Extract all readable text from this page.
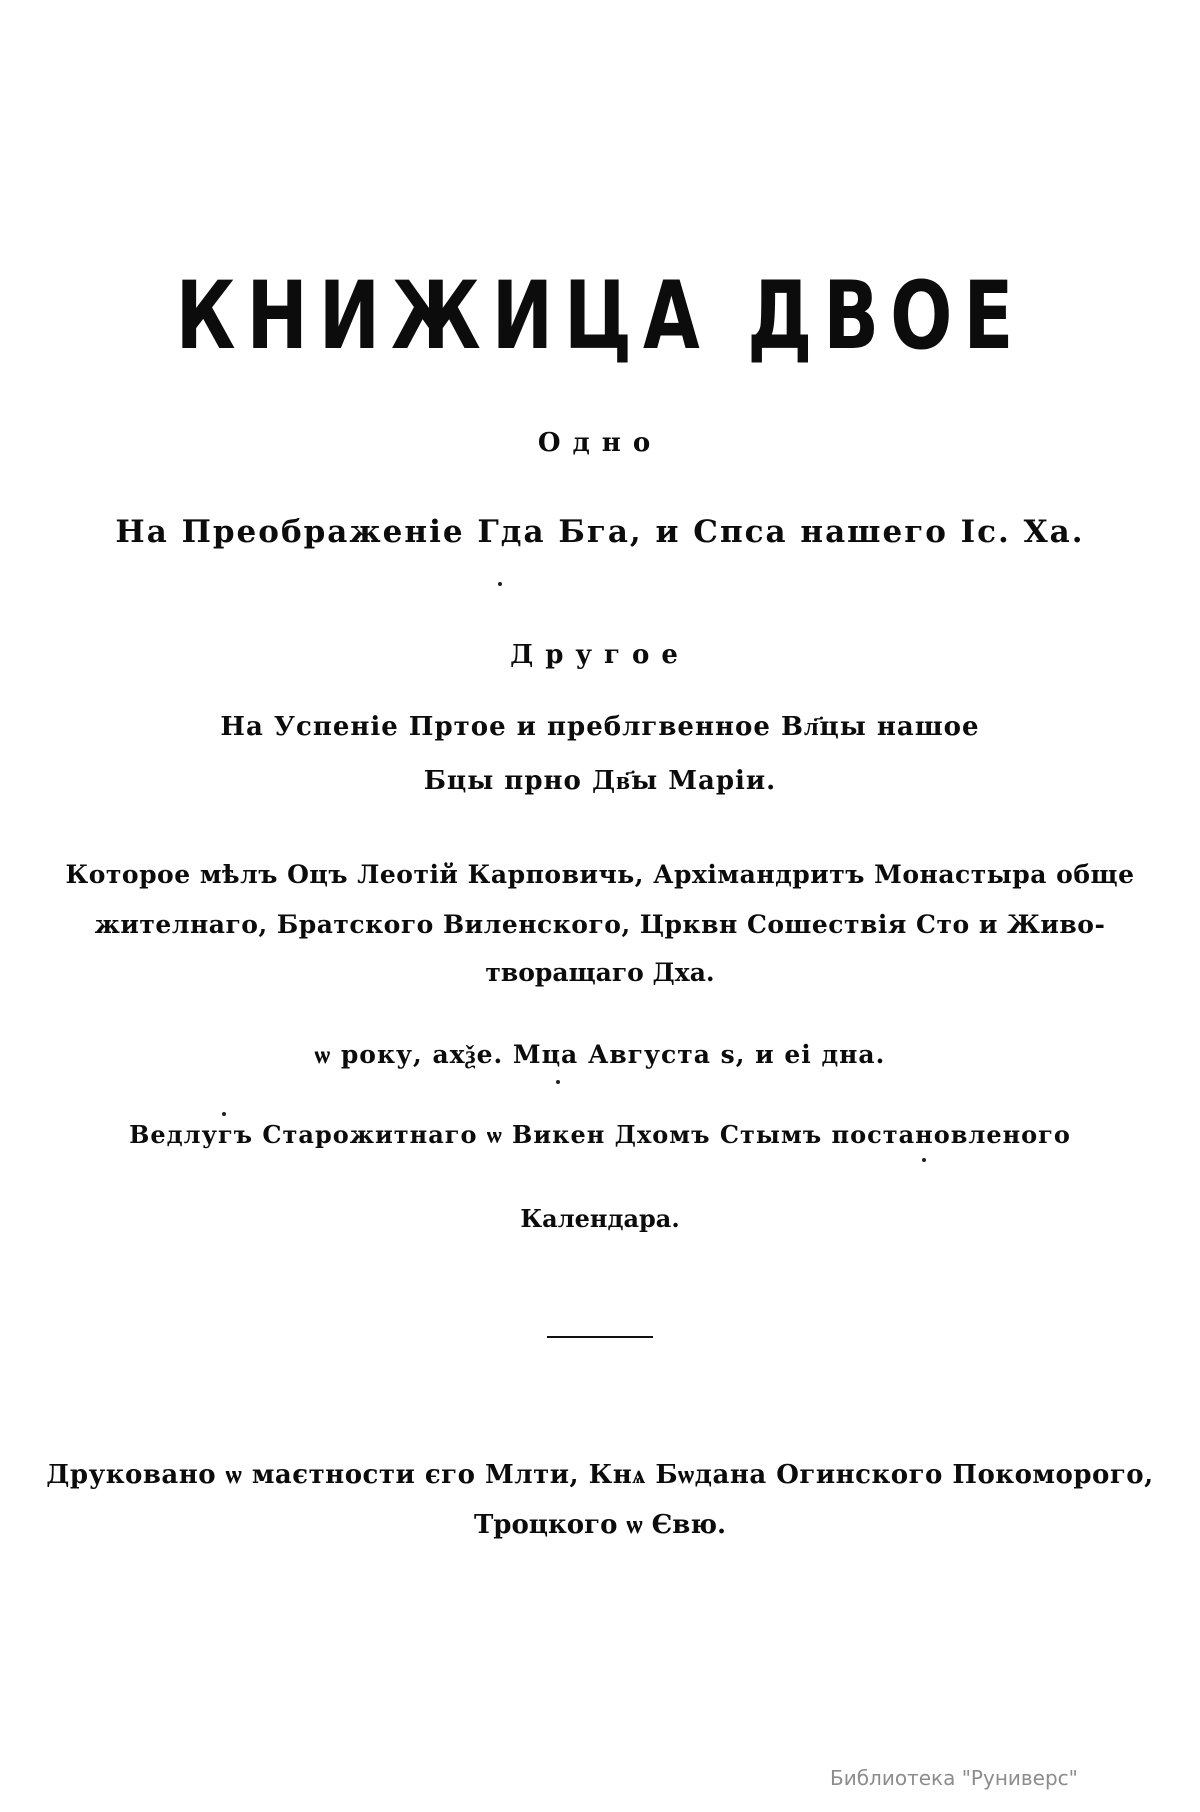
КНИЖИЦА ДВОЕ
Одно
На Преображеніе Гда Бга, и Спса нашего Іс. Ха.
Другое
На Успеніе Пртое и преблгвенное Вл҃цы нашое
Бцы прно Дв҃ы Маріи.
Которое мѣлъ Оцъ Леотій Карповичь, Архімандритъ Монастыра обще
жителнаго, Братского Виленского, Црквн Сошествія Сто и Живо-
творащаго Дха.
ѡ року, ахѯе. Мца Августа ѕ, и еі дна.
Ведлугъ Старожитнаго ѡ Викен Дхомъ Стымъ постановленого
Календара.
Друковано ѡ маєтности єго Млти, Кнѧ Бѡдана Огинского Покоморого,
Троцкого ѡ Євю.
Библиотека "Руниверс"
